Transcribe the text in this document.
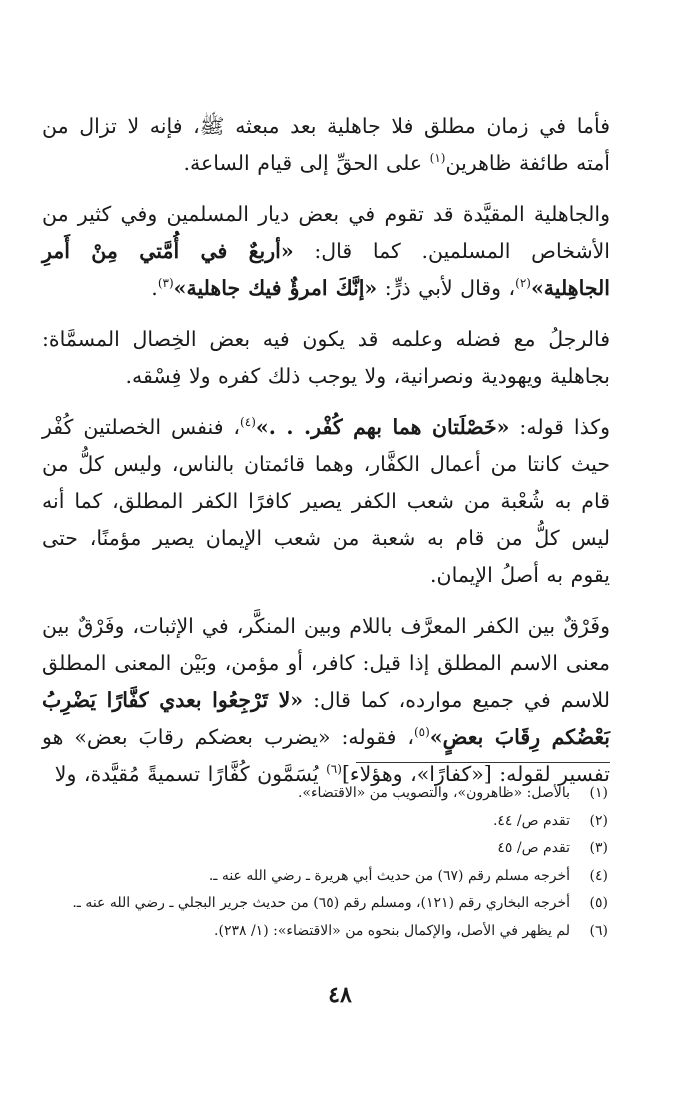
فأما في زمان مطلق فلا جاهلية بعد مبعثه ﷺ، فإنه لا تزال من أمته طائفة ظاهرين$^{(١)}$ على الحقِّ إلى قيام الساعة.

والجاهلية المقيَّدة قد تقوم في بعض ديار المسلمين وفي كثير من الأشخاص المسلمين. كما قال: «أربعٌ في أُمَّتي مِنْ أَمرِ الجاهِلية»$^{(٢)}$، وقال لأبي ذرٍّ: «إنَّكَ امرؤٌ فيك جاهلية»$^{(٣)}$.

فالرجلُ مع فضله وعلمه قد يكون فيه بعض الخِصال المسمَّاة: بجاهلية ويهودية ونصرانية، ولا يوجب ذلك كفره ولا فِسْقه.

وكذا قوله: «خَصْلَتان هما بهم كُفْر. . .»$^{(٤)}$، فنفس الخصلتين كُفْر حيث كانتا من أعمال الكفَّار، وهما قائمتان بالناس، وليس كلُّ من قام به شُعْبة من شعب الكفر يصير كافرًا الكفر المطلق، كما أنه ليس كلُّ من قام به شعبة من شعب الإيمان يصير مؤمنًا، حتى يقوم به أصلُ الإيمان.

وفَرْقٌ بين الكفر المعرَّف باللام وبين المنكَّر، في الإثبات، وفَرْقٌ بين معنى الاسم المطلق إذا قيل: كافر، أو مؤمن، وبَيْن المعنى المطلق للاسم في جميع موارده، كما قال: «لا تَرْجِعُوا بعدي كفَّارًا يَضْرِبُ بَعْضُكم رِقَابَ بعضٍ»$^{(٥)}$، فقوله: «يضرب بعضكم رقابَ بعض» هو تفسير لقوله: [«كفارًا»، وهؤلاء]$^{(٦)}$ يُسَمَّون كُفَّارًا تسميةً مُقيَّدة، ولا

(١)بالأصل: «ظاهرون»، والتصويب من «الاقتضاء».
(٢)تقدم ص/ ٤٤.
(٣)تقدم ص/ ٤٥
(٤)أخرجه مسلم رقم (٦٧) من حديث أبي هريرة ـ رضي الله عنه ـ.
(٥)أخرجه البخاري رقم (١٢١)، ومسلم رقم (٦٥) من حديث جرير البجلي ـ رضي الله عنه ـ.
(٦)لم يظهر في الأصل، والإكمال بنحوه من «الاقتضاء»: (١/ ٢٣٨).
٤٨
